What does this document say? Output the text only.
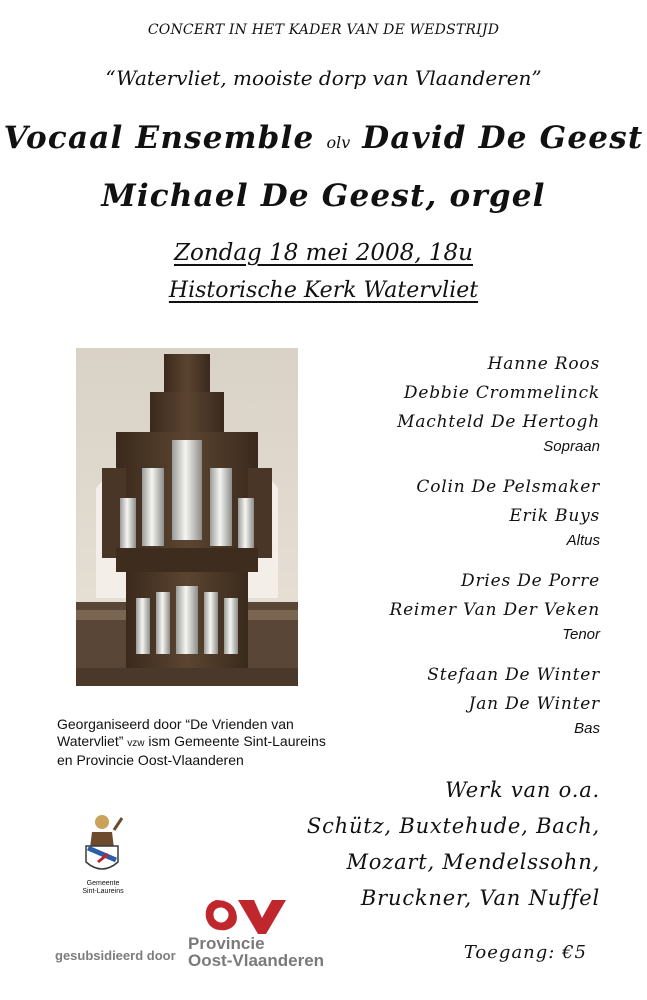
CONCERT IN HET KADER VAN DE WEDSTRIJD
“Watervliet, mooiste dorp van Vlaanderen”
Vocaal Ensemble olv David De Geest
Michael De Geest, orgel
Zondag 18 mei 2008, 18u
Historische Kerk Watervliet
Hanne Roos
Debbie Crommelinck
Machteld De Hertogh
Sopraan
Colin De Pelsmaker
Erik Buys
Altus
Dries De Porre
Reimer Van Der Veken
Tenor
Stefaan De Winter
Jan De Winter
Bas
Georganiseerd door “De Vrienden van Watervliet” vzw ism Gemeente Sint-Laureins en Provincie Oost-Vlaanderen
Werk van o.a.
Schütz, Buxtehude, Bach,
Mozart, Mendelssohn,
Bruckner, Van Nuffel
Toegang: €5
Gemeente
Sint-Laureins
gesubsidieerd door
Provincie
Oost-Vlaanderen
